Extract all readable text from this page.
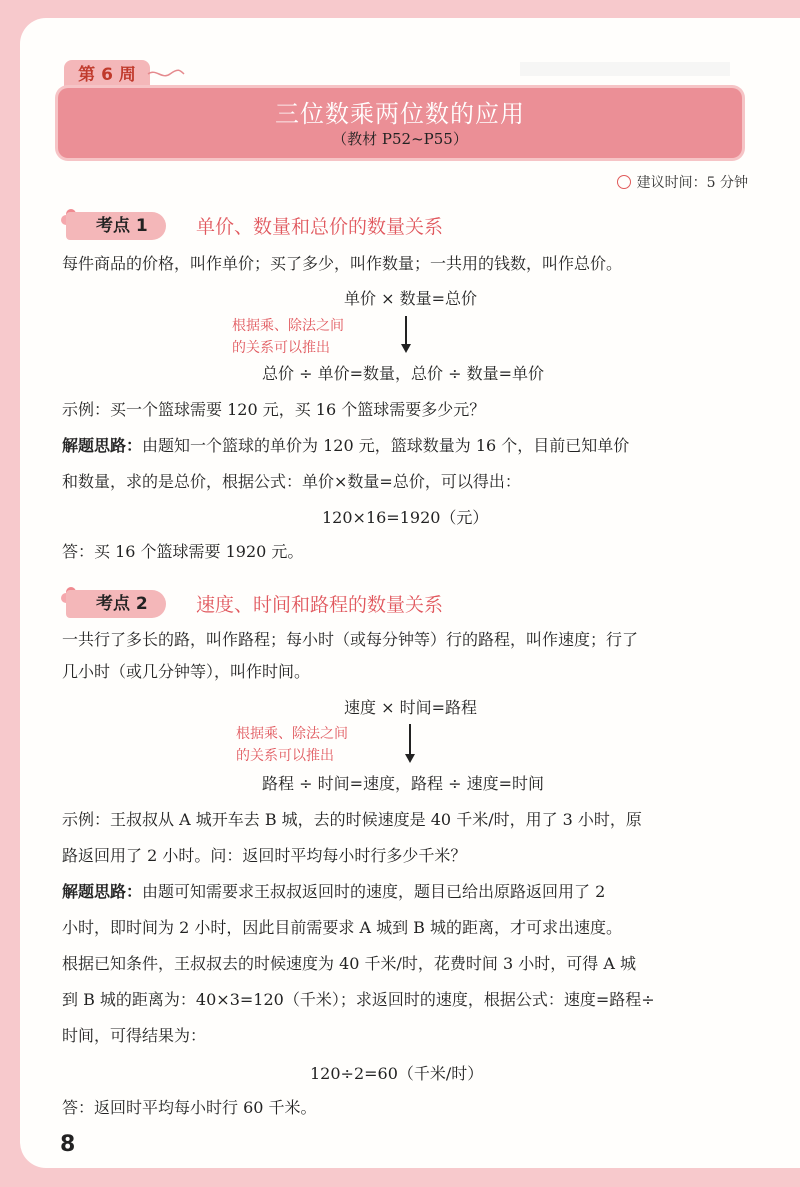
第 6 周
三位数乘两位数的应用
（教材 P52~P55）
建议时间：5 分钟
考点 1	单价、数量和总价的数量关系
每件商品的价格，叫作单价；买了多少，叫作数量；一共用的钱数，叫作总价。
单价 × 数量=总价
根据乘、除法之间
的关系可以推出
总价 ÷ 单价=数量，总价 ÷ 数量=单价
示例：买一个篮球需要 120 元，买 16 个篮球需要多少元？
解题思路：由题知一个篮球的单价为 120 元，篮球数量为 16 个，目前已知单价
和数量，求的是总价，根据公式：单价×数量=总价，可以得出：
120×16=1920（元）
答：买 16 个篮球需要 1920 元。
考点 2	速度、时间和路程的数量关系
一共行了多长的路，叫作路程；每小时（或每分钟等）行的路程，叫作速度；行了
几小时（或几分钟等），叫作时间。
速度 × 时间=路程
根据乘、除法之间
的关系可以推出
路程 ÷ 时间=速度，路程 ÷ 速度=时间
示例：王叔叔从 A 城开车去 B 城，去的时候速度是 40 千米/时，用了 3 小时，原
路返回用了 2 小时。问：返回时平均每小时行多少千米？
解题思路：由题可知需要求王叔叔返回时的速度，题目已给出原路返回用了 2
小时，即时间为 2 小时，因此目前需要求 A 城到 B 城的距离，才可求出速度。
根据已知条件，王叔叔去的时候速度为 40 千米/时，花费时间 3 小时，可得 A 城
到 B 城的距离为：40×3=120（千米）；求返回时的速度，根据公式：速度=路程÷
时间，可得结果为：
120÷2=60（千米/时）
答：返回时平均每小时行 60 千米。
8
